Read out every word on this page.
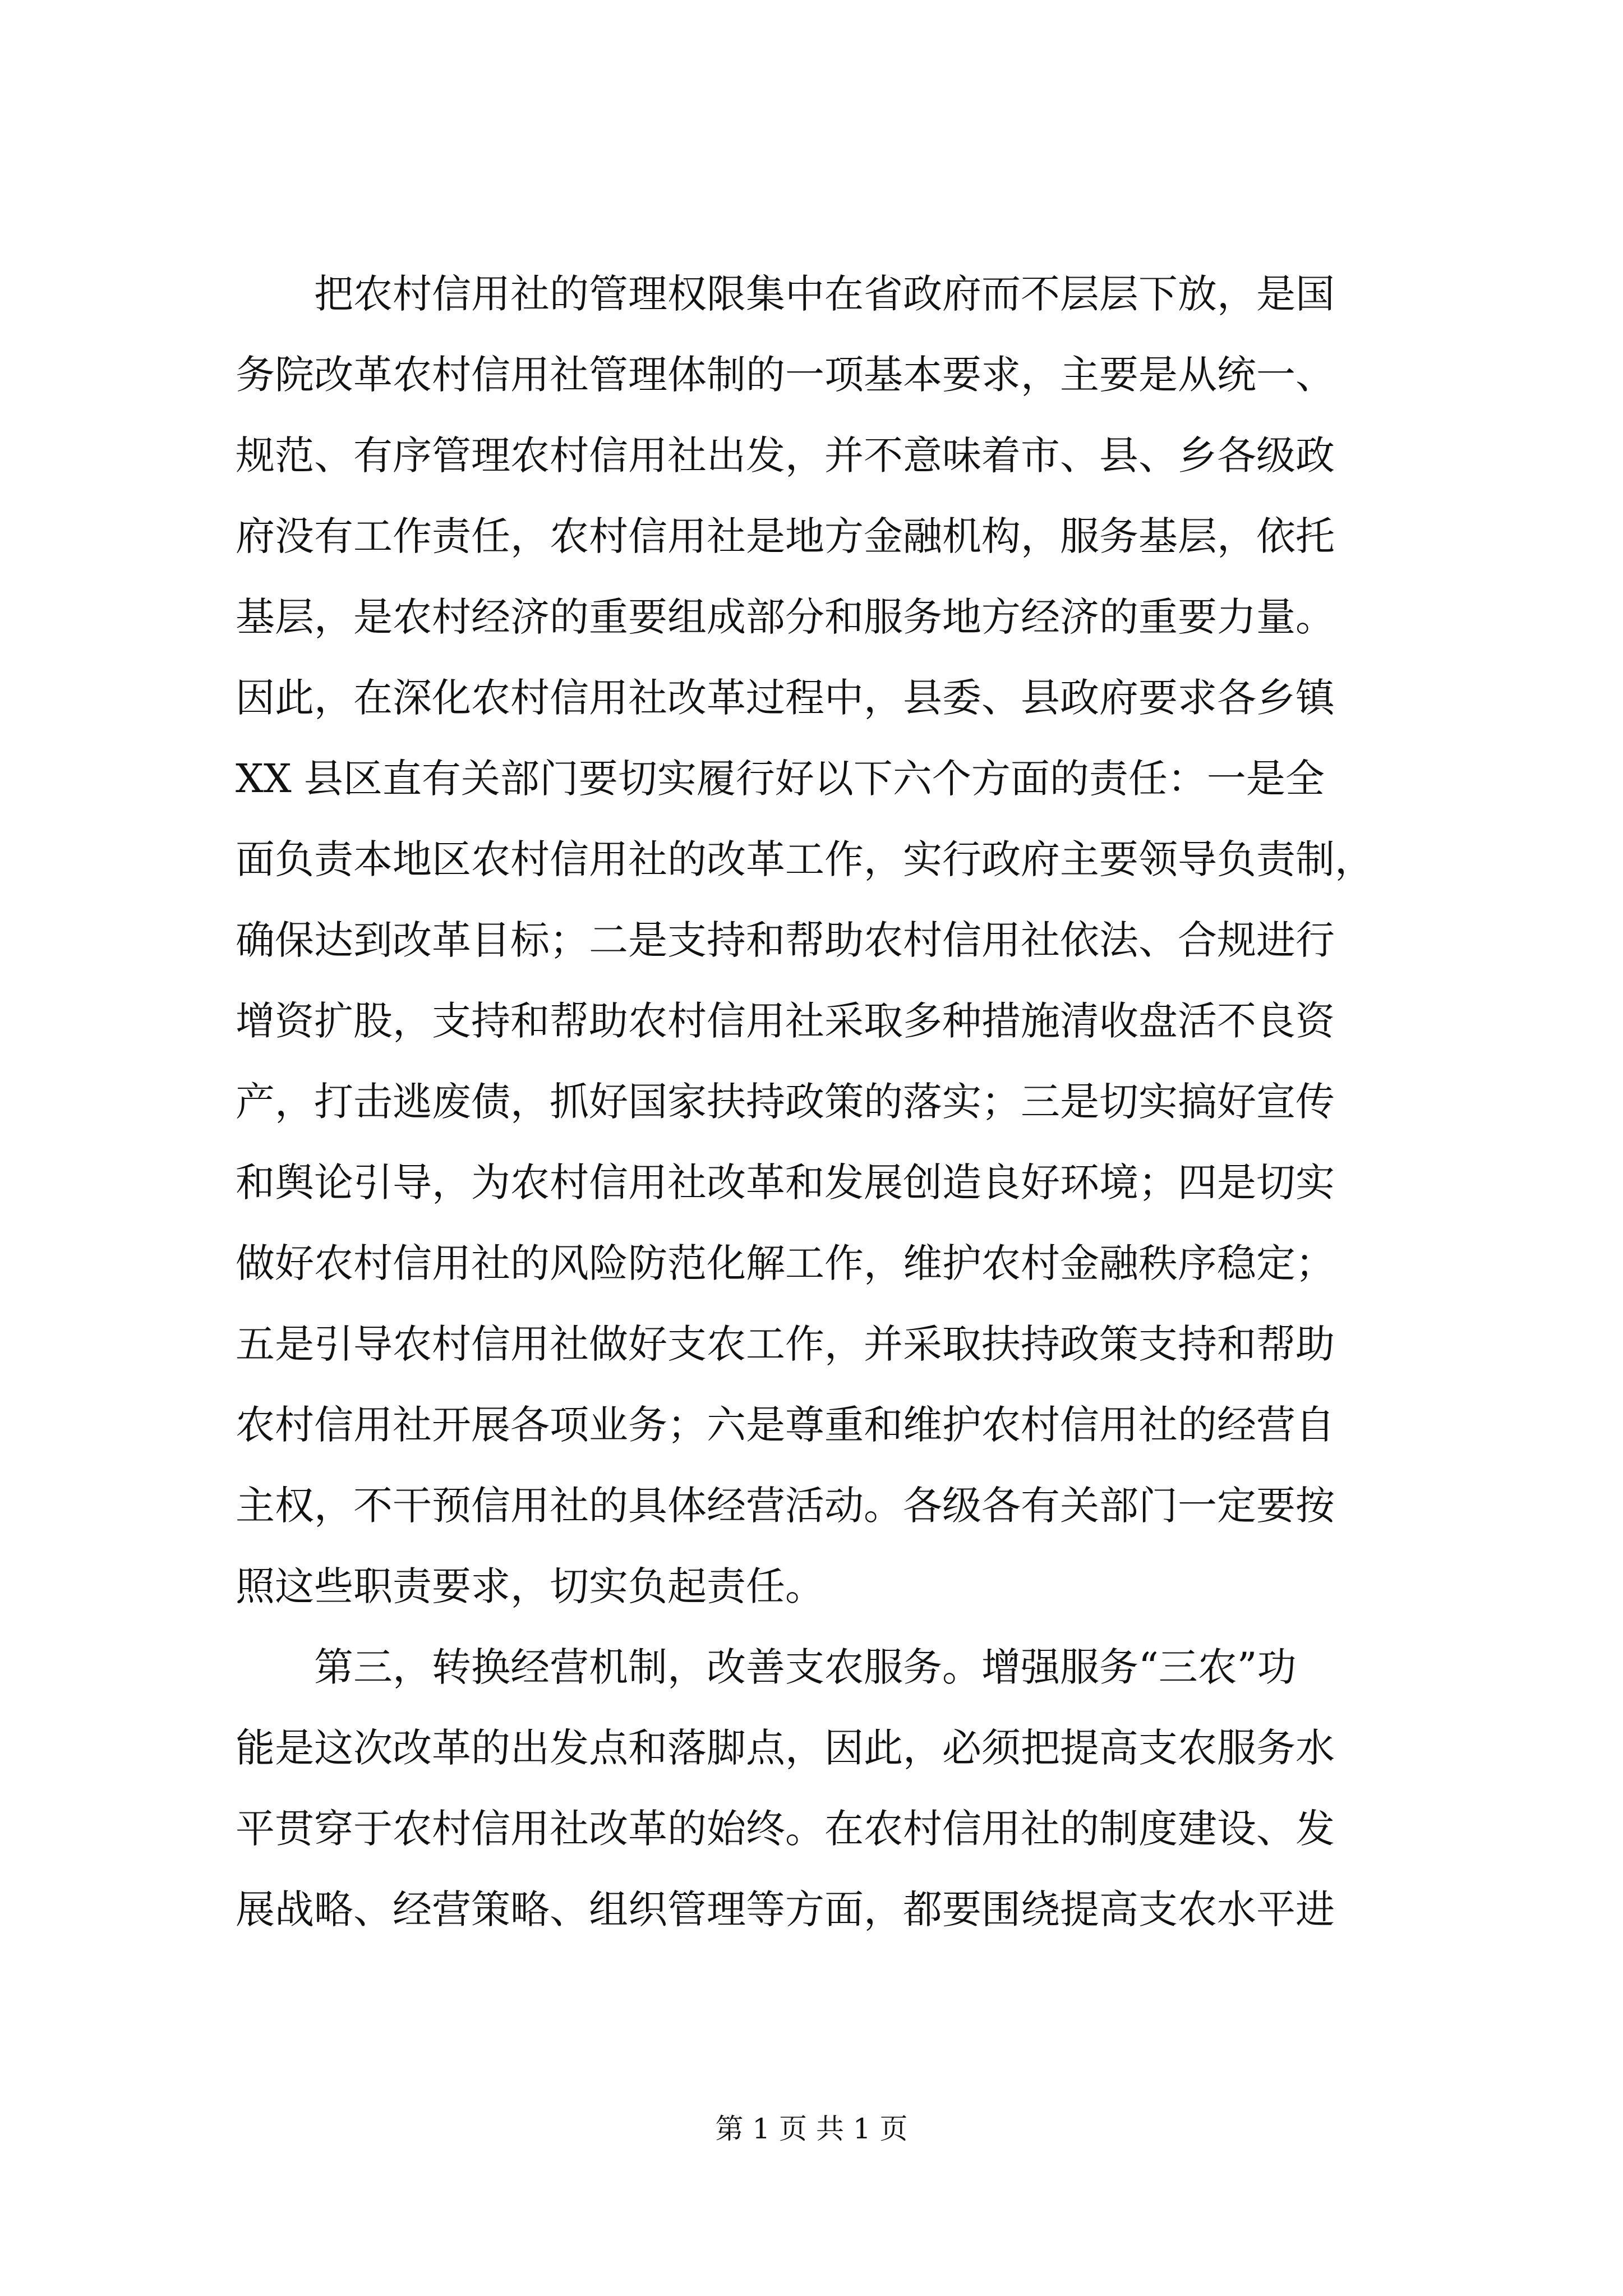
把农村信用社的管理权限集中在省政府而不层层下放，是国

务院改革农村信用社管理体制的一项基本要求，主要是从统一、

规范、有序管理农村信用社出发，并不意味着市、县、乡各级政

府没有工作责任，农村信用社是地方金融机构，服务基层，依托

基层，是农村经济的重要组成部分和服务地方经济的重要力量。

因此，在深化农村信用社改革过程中，县委、县政府要求各乡镇

XX 县区直有关部门要切实履行好以下六个方面的责任：一是全

面负责本地区农村信用社的改革工作，实行政府主要领导负责制，

确保达到改革目标；二是支持和帮助农村信用社依法、合规进行

增资扩股，支持和帮助农村信用社采取多种措施清收盘活不良资

产，打击逃废债，抓好国家扶持政策的落实；三是切实搞好宣传

和舆论引导，为农村信用社改革和发展创造良好环境；四是切实

做好农村信用社的风险防范化解工作，维护农村金融秩序稳定；

五是引导农村信用社做好支农工作，并采取扶持政策支持和帮助

农村信用社开展各项业务；六是尊重和维护农村信用社的经营自

主权，不干预信用社的具体经营活动。各级各有关部门一定要按

照这些职责要求，切实负起责任。

第三，转换经营机制，改善支农服务。增强服务“三农”功

能是这次改革的出发点和落脚点，因此，必须把提高支农服务水

平贯穿于农村信用社改革的始终。在农村信用社的制度建设、发

展战略、经营策略、组织管理等方面，都要围绕提高支农水平进

第 1 页 共 1 页
